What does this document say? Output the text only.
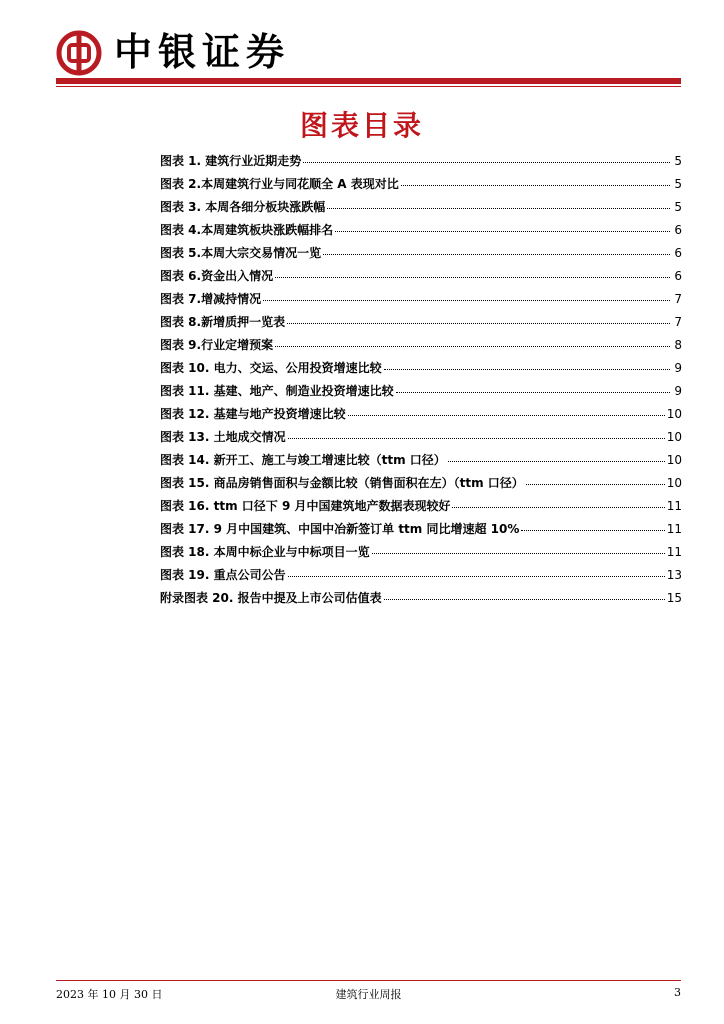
中银证券
图表目录
图表 1. 建筑行业近期走势	5
图表 2.本周建筑行业与同花顺全 A 表现对比	5
图表 3. 本周各细分板块涨跌幅	5
图表 4.本周建筑板块涨跌幅排名	6
图表 5.本周大宗交易情况一览	6
图表 6.资金出入情况	6
图表 7.增减持情况	7
图表 8.新增质押一览表	7
图表 9.行业定增预案	8
图表 10. 电力、交运、公用投资增速比较	9
图表 11. 基建、地产、制造业投资增速比较	9
图表 12. 基建与地产投资增速比较	10
图表 13. 土地成交情况	10
图表 14. 新开工、施工与竣工增速比较（ttm 口径）	10
图表 15. 商品房销售面积与金额比较（销售面积在左）（ttm 口径）	10
图表 16. ttm 口径下 9 月中国建筑地产数据表现较好	11
图表 17. 9 月中国建筑、中国中冶新签订单 ttm 同比增速超 10%	11
图表 18. 本周中标企业与中标项目一览	11
图表 19. 重点公司公告	13
附录图表 20. 报告中提及上市公司估值表	15
2023 年 10 月 30 日	建筑行业周报	3
